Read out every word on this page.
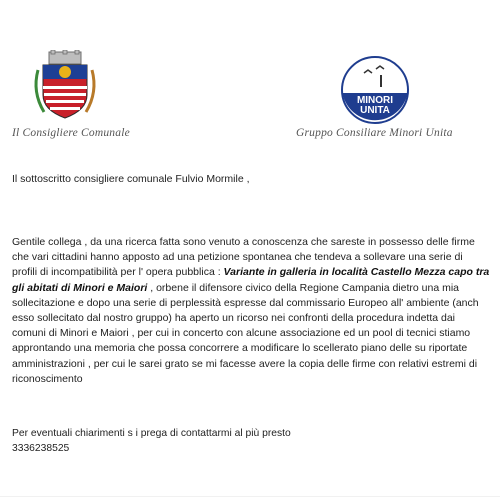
MINORI
UNITA
Il Consigliere Comunale	Gruppo Consiliare Minori Unita
Il sottoscritto consigliere comunale Fulvio Mormile ,

Gentile collega , da una ricerca fatta sono venuto a conoscenza che sareste in possesso delle firme che vari cittadini hanno apposto ad una petizione spontanea che tendeva a sollevare una serie di profili di incompatibilità per l' opera pubblica : Variante in galleria in località Castello Mezza capo tra gli abitati di Minori e Maiori , orbene il difensore civico della Regione Campania dietro una mia sollecitazione e dopo una serie di perplessità espresse dal commissario Europeo all' ambiente (anch esso sollecitato dal nostro gruppo) ha aperto un ricorso nei confronti della procedura indetta dai comuni di Minori e Maiori , per cui in concerto con alcune associazione ed un pool di tecnici stiamo approntando una memoria che possa concorrere a modificare lo scellerato piano delle su riportate amministrazioni , per cui le sarei grato se mi facesse avere la copia delle firme con relativi estremi di riconoscimento

Per eventuali chiarimenti s i prega di contattarmi al più presto
3336238525
